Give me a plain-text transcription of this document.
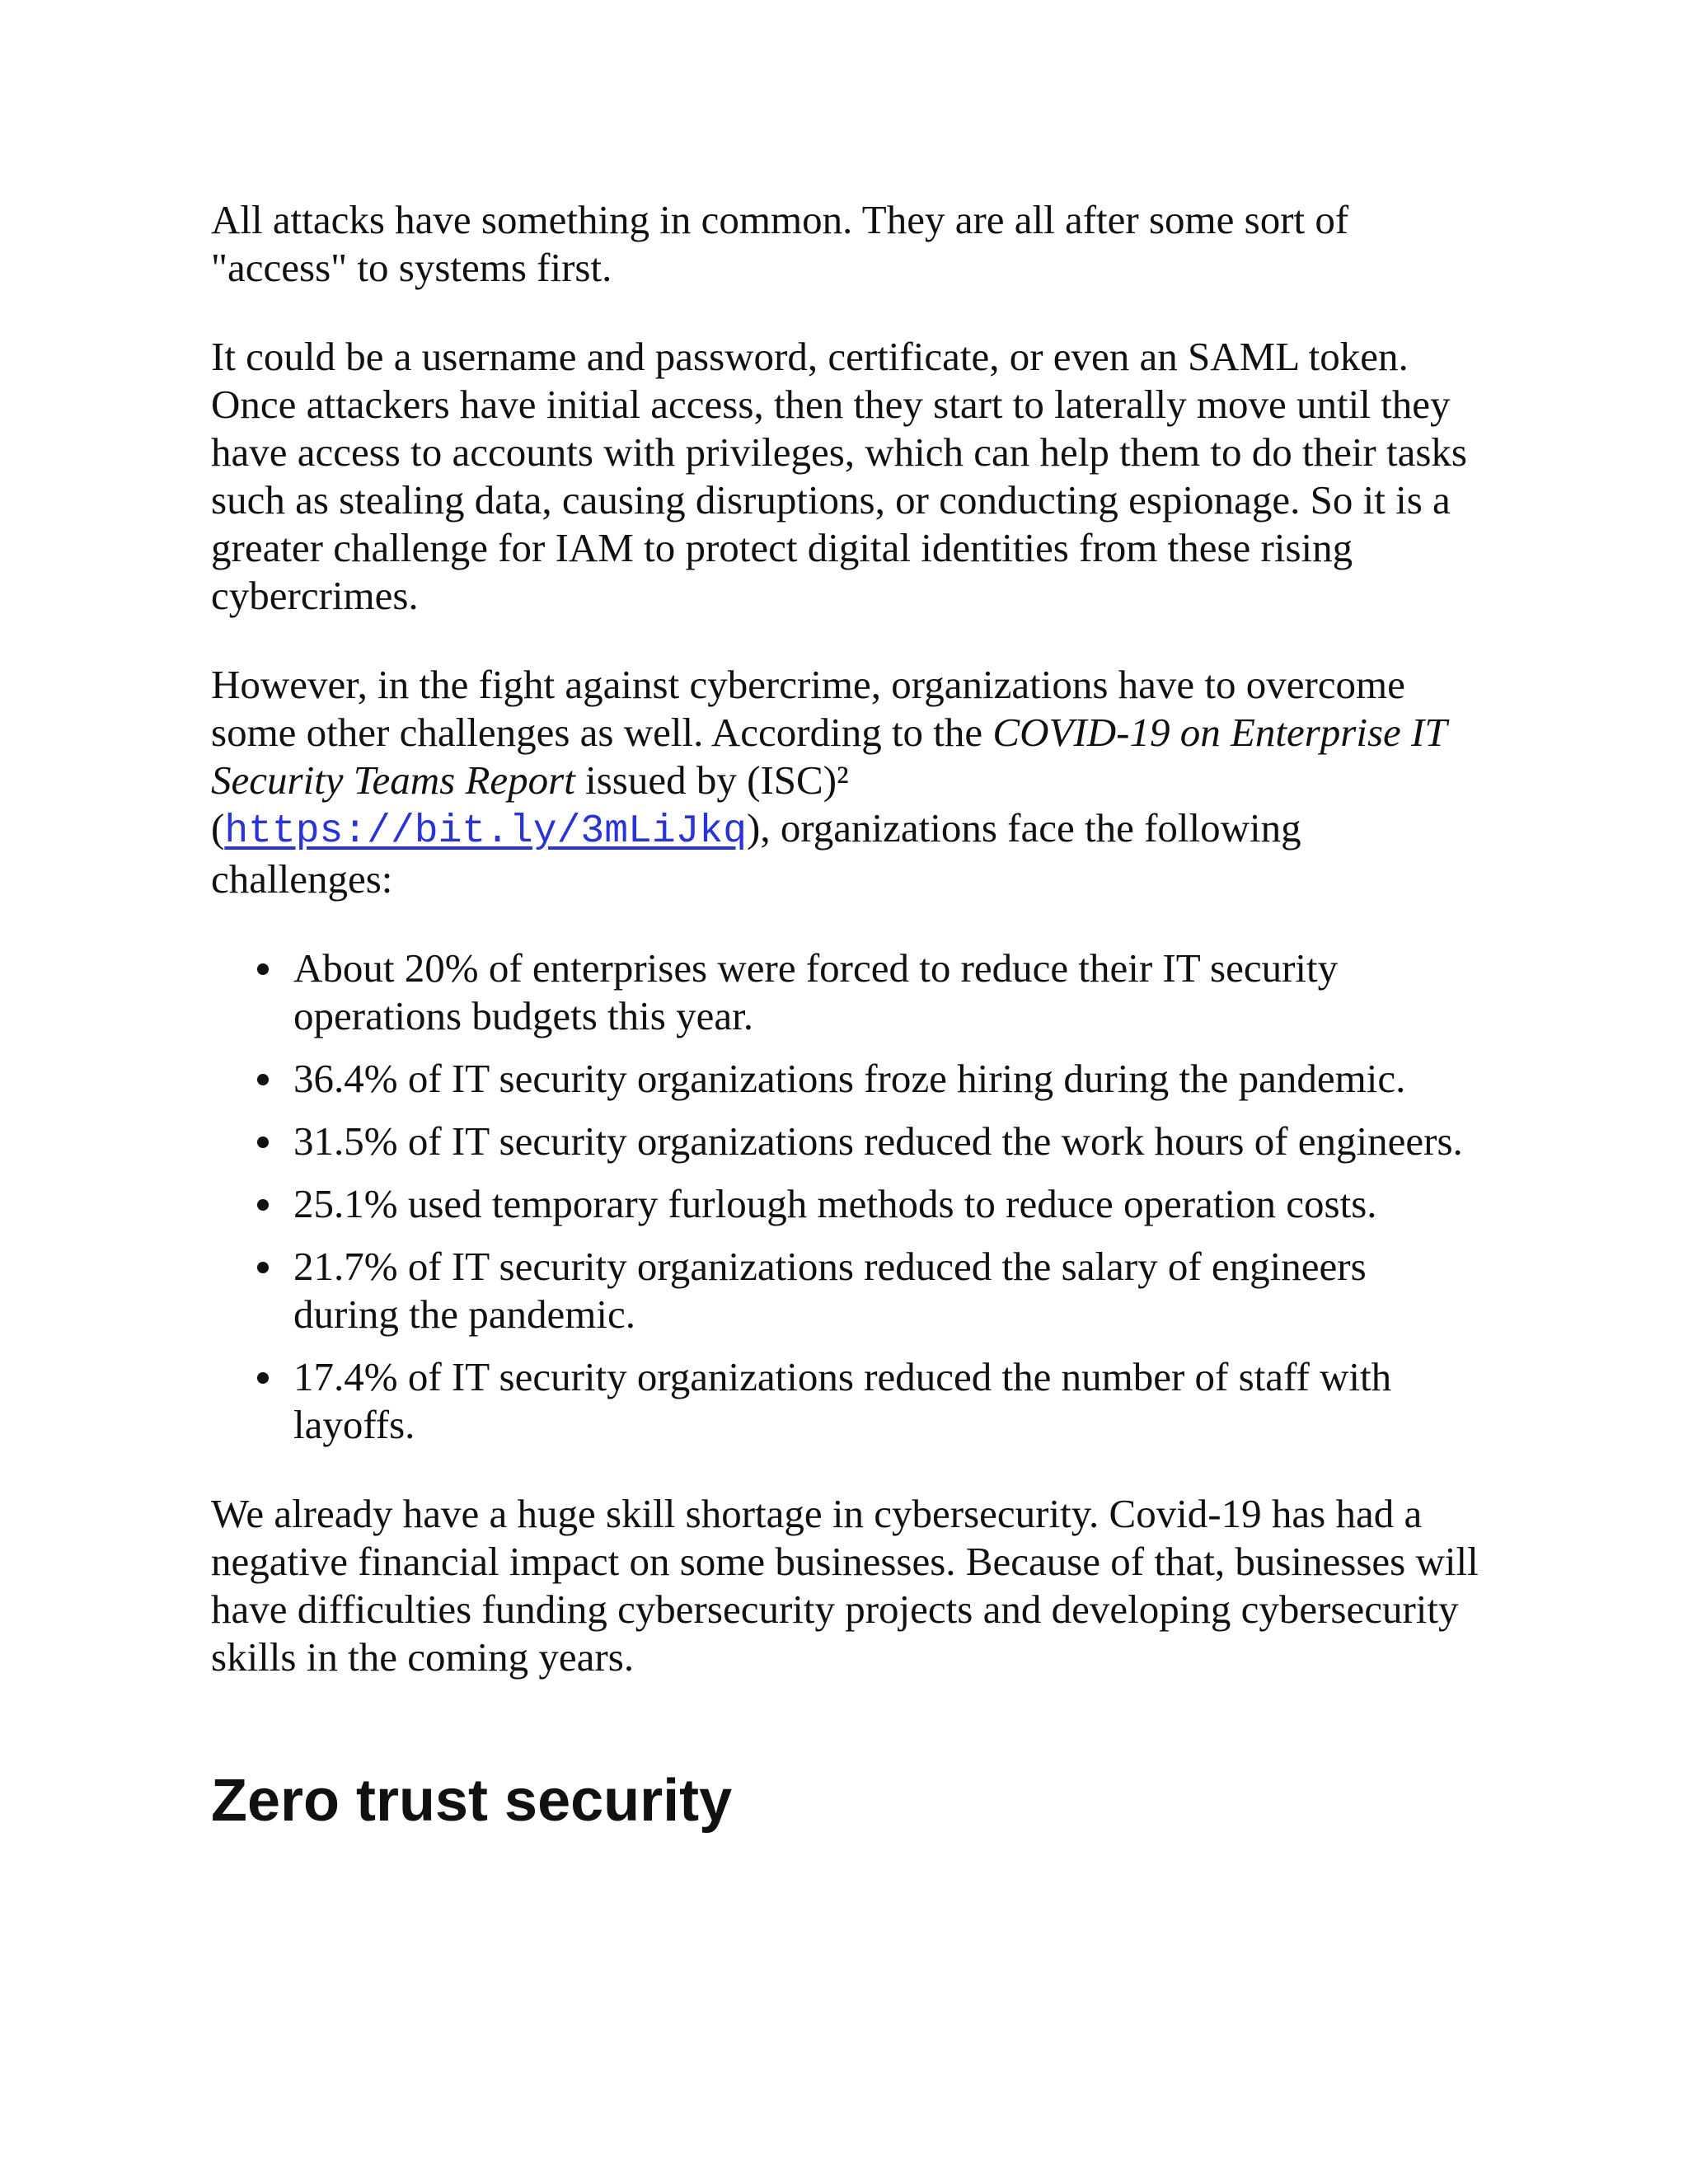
All attacks have something in common. They are all after some sort of "access" to systems first.

It could be a username and password, certificate, or even an SAML token. Once attackers have initial access, then they start to laterally move until they have access to accounts with privileges, which can help them to do their tasks such as stealing data, causing disruptions, or conducting espionage. So it is a greater challenge for IAM to protect digital identities from these rising cybercrimes.

However, in the fight against cybercrime, organizations have to overcome some other challenges as well. According to the COVID-19 on Enterprise IT Security Teams Report issued by (ISC)²
(https://bit.ly/3mLiJkq), organizations face the following challenges:

About 20% of enterprises were forced to reduce their IT security operations budgets this year.
36.4% of IT security organizations froze hiring during the pandemic.
31.5% of IT security organizations reduced the work hours of engineers.
25.1% used temporary furlough methods to reduce operation costs.
21.7% of IT security organizations reduced the salary of engineers during the pandemic.
17.4% of IT security organizations reduced the number of staff with layoffs.

We already have a huge skill shortage in cybersecurity. Covid-19 has had a negative financial impact on some businesses. Because of that, businesses will have difficulties funding cybersecurity projects and developing cybersecurity skills in the coming years.

Zero trust security
